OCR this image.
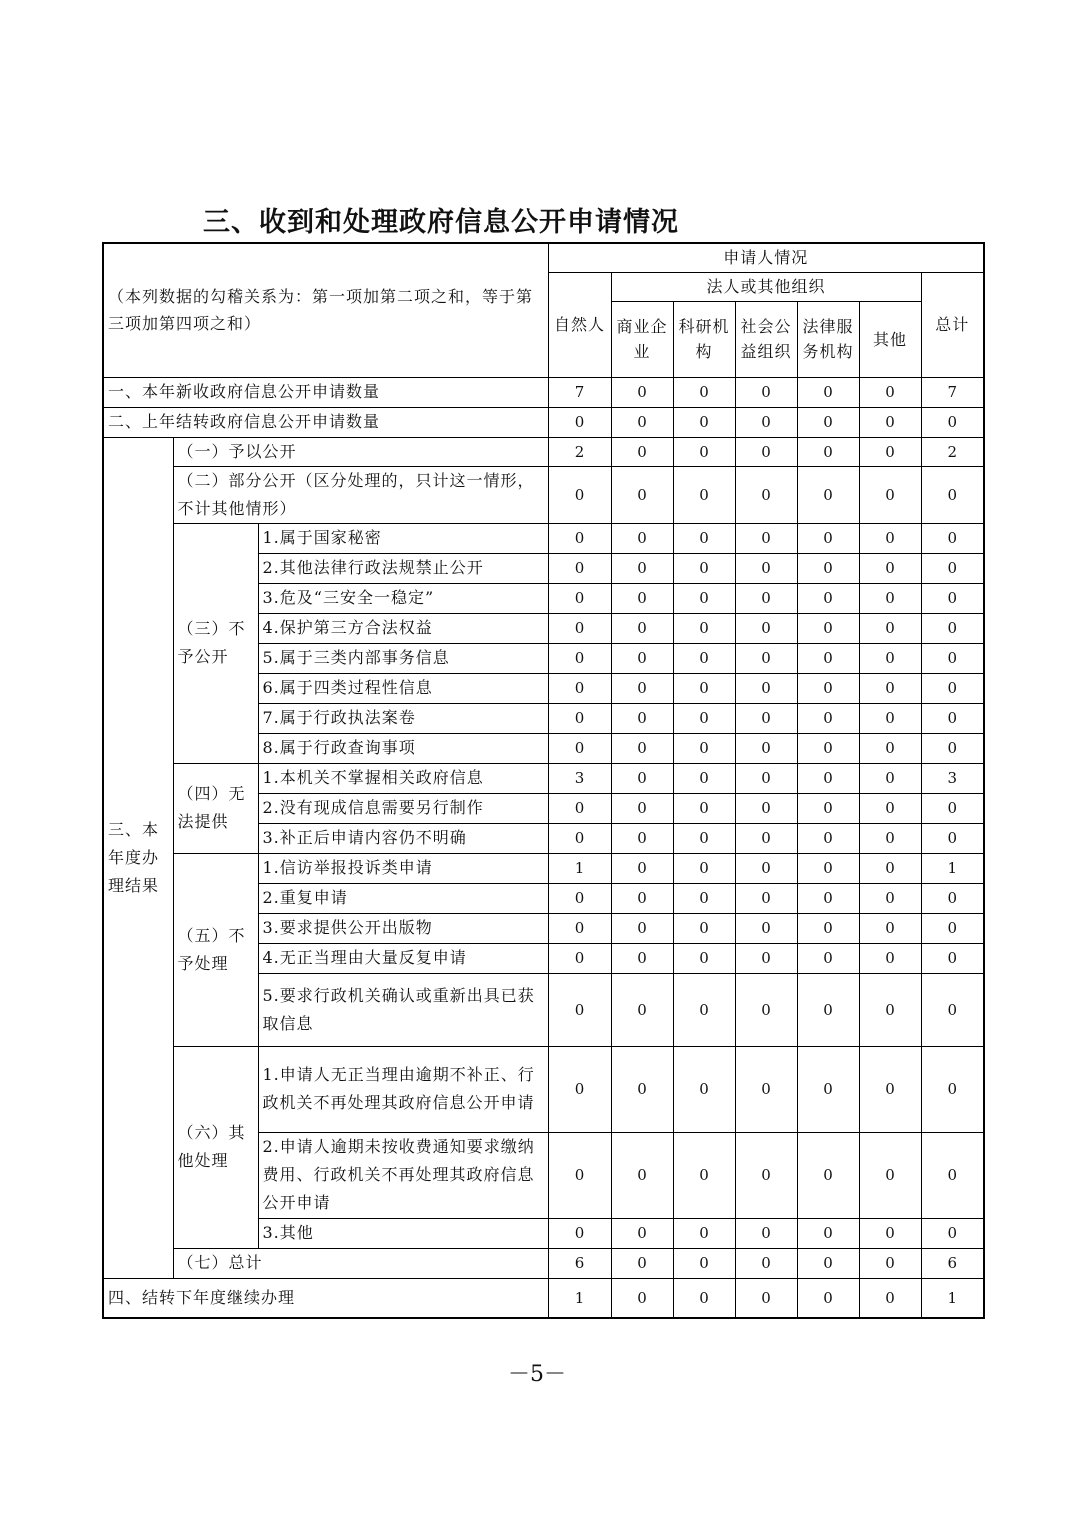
三、收到和处理政府信息公开申请情况
（本列数据的勾稽关系为：第一项加第二项之和，等于第三项加第四项之和）			申请人情况						
			自然人	法人或其他组织					总计
				商业企业	科研机构	社会公益组织	法律服务机构	其他	
一、本年新收政府信息公开申请数量			7	0	0	0	0	0	7
二、上年结转政府信息公开申请数量			0	0	0	0	0	0	0
三、本年度办理结果	（一）予以公开		2	0	0	0	0	0	2
	（二）部分公开（区分处理的，只计这一情形，不计其他情形）		0	0	0	0	0	0	0
	（三）不予公开	1.属于国家秘密	0	0	0	0	0	0	0
		2.其他法律行政法规禁止公开	0	0	0	0	0	0	0
		3.危及“三安全一稳定”	0	0	0	0	0	0	0
		4.保护第三方合法权益	0	0	0	0	0	0	0
		5.属于三类内部事务信息	0	0	0	0	0	0	0
		6.属于四类过程性信息	0	0	0	0	0	0	0
		7.属于行政执法案卷	0	0	0	0	0	0	0
		8.属于行政查询事项	0	0	0	0	0	0	0
	（四）无法提供	1.本机关不掌握相关政府信息	3	0	0	0	0	0	3
		2.没有现成信息需要另行制作	0	0	0	0	0	0	0
		3.补正后申请内容仍不明确	0	0	0	0	0	0	0
	（五）不予处理	1.信访举报投诉类申请	1	0	0	0	0	0	1
		2.重复申请	0	0	0	0	0	0	0
		3.要求提供公开出版物	0	0	0	0	0	0	0
		4.无正当理由大量反复申请	0	0	0	0	0	0	0
		5.要求行政机关确认或重新出具已获取信息	0	0	0	0	0	0	0
	（六）其他处理	1.申请人无正当理由逾期不补正、行政机关不再处理其政府信息公开申请	0	0	0	0	0	0	0
		2.申请人逾期未按收费通知要求缴纳费用、行政机关不再处理其政府信息公开申请	0	0	0	0	0	0	0
		3.其他	0	0	0	0	0	0	0
	（七）总计		6	0	0	0	0	0	6
四、结转下年度继续办理			1	0	0	0	0	0	1
－5－
